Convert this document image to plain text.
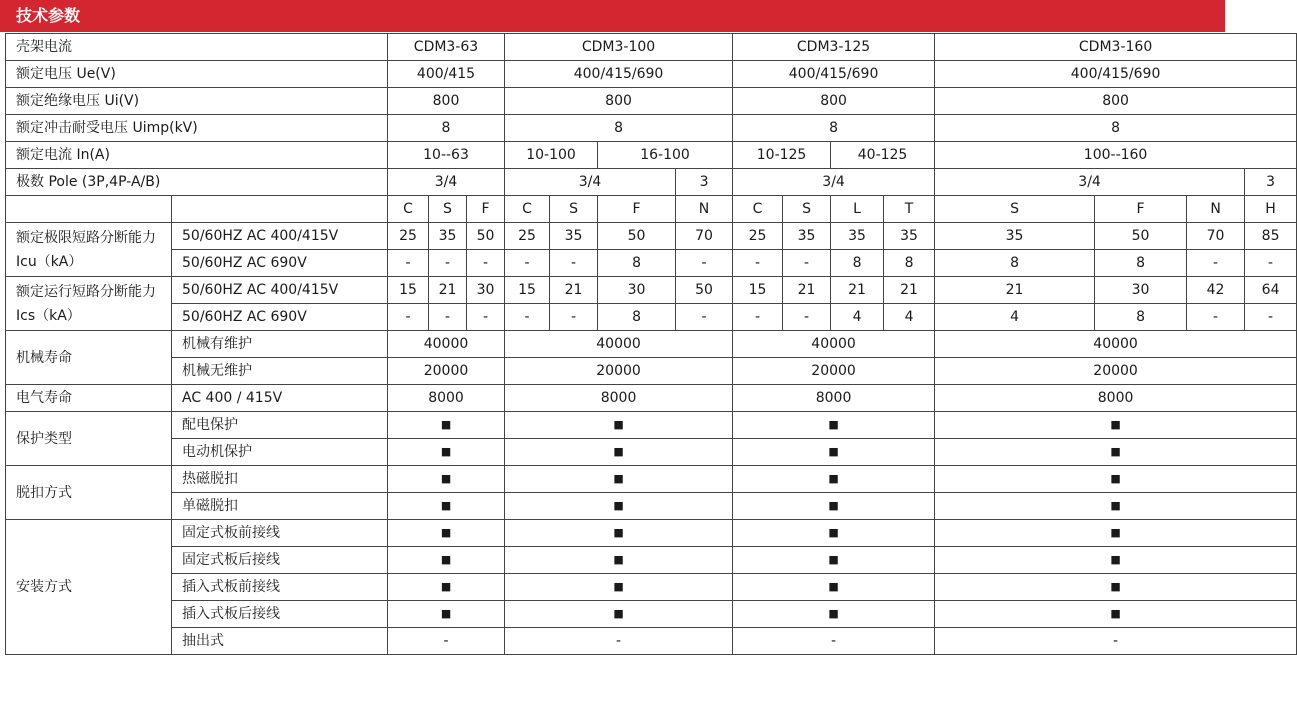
技术参数
壳架电流		CDM3-63			CDM3-100				CDM3-125				CDM3-160			
额定电压 Ue(V)		400/415			400/415/690				400/415/690				400/415/690			
额定绝缘电压 Ui(V)		800			800				800				800			
额定冲击耐受电压 Uimp(kV)		8			8				8				8			
额定电流 In(A)		10--63			10-100		16-100		10-125		40-125		100--160			
极数 Pole (3P,4P-A/B)		3/4			3/4			3	3/4				3/4			3
		C	S	F	C	S	F	N	C	S	L	T	S	F	N	H
额定极限短路分断能力 Icu（kA）	50/60HZ AC 400/415V	25	35	50	25	35	50	70	25	35	35	35	35	50	70	85
	50/60HZ AC 690V	-	-	-	-	-	8	-	-	-	8	8	8	8	-	-
额定运行短路分断能力 Ics（kA）	50/60HZ AC 400/415V	15	21	30	15	21	30	50	15	21	21	21	21	30	42	64
	50/60HZ AC 690V	-	-	-	-	-	8	-	-	-	4	4	4	8	-	-
机械寿命	机械有维护	40000			40000				40000				40000			
	机械无维护	20000			20000				20000				20000			
电气寿命	AC 400 / 415V	8000			8000				8000				8000			
保护类型	配电保护	■			■				■				■			
	电动机保护	■			■				■				■			
脱扣方式	热磁脱扣	■			■				■				■			
	单磁脱扣	■			■				■				■			
安装方式	固定式板前接线	■			■				■				■			
	固定式板后接线	■			■				■				■			
	插入式板前接线	■			■				■				■			
	插入式板后接线	■			■				■				■			
	抽出式	-			-				-				-			
